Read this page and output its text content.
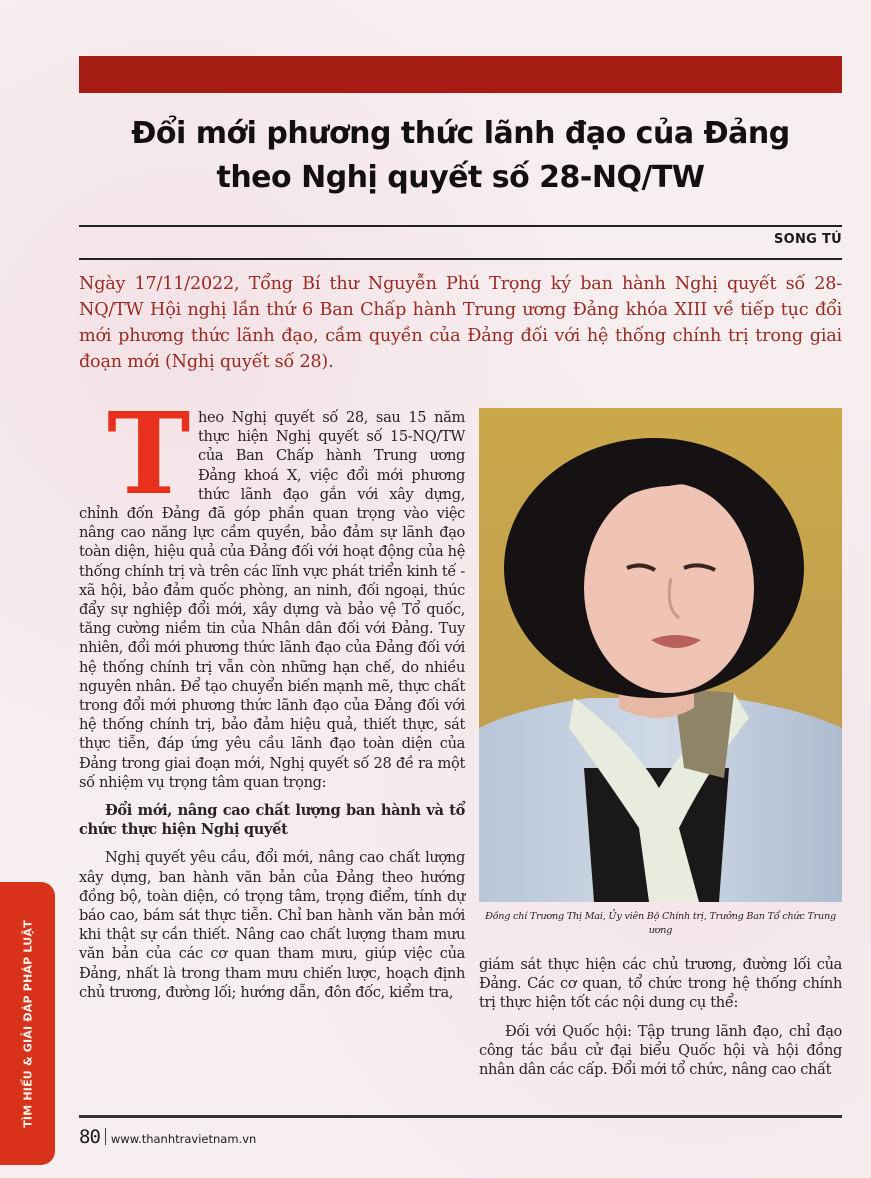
Đổi mới phương thức lãnh đạo của Đảng
theo Nghị quyết số 28-NQ/TW
SONG TÚ
Ngày 17/11/2022, Tổng Bí thư Nguyễn Phú Trọng ký ban hành Nghị quyết số 28-NQ/TW Hội nghị lần thứ 6 Ban Chấp hành Trung ương Đảng khóa XIII về tiếp tục đổi mới phương thức lãnh đạo, cầm quyền của Đảng đối với hệ thống chính trị trong giai đoạn mới (Nghị quyết số 28).

T heo Nghị quyết số 28, sau 15 năm thực hiện Nghị quyết số 15-NQ/TW của Ban Chấp hành Trung ương Đảng khoá X, việc đổi mới phương thức lãnh đạo gắn với xây dựng, chỉnh đốn Đảng đã góp phần quan trọng vào việc nâng cao năng lực cầm quyền, bảo đảm sự lãnh đạo toàn diện, hiệu quả của Đảng đối với hoạt động của hệ thống chính trị và trên các lĩnh vực phát triển kinh tế - xã hội, bảo đảm quốc phòng, an ninh, đối ngoại, thúc đẩy sự nghiệp đổi mới, xây dựng và bảo vệ Tổ quốc, tăng cường niềm tin của Nhân dân đối với Đảng. Tuy nhiên, đổi mới phương thức lãnh đạo của Đảng đối với hệ thống chính trị vẫn còn những hạn chế, do nhiều nguyên nhân. Để tạo chuyển biến mạnh mẽ, thực chất trong đổi mới phương thức lãnh đạo của Đảng đối với hệ thống chính trị, bảo đảm hiệu quả, thiết thực, sát thực tiễn, đáp ứng yêu cầu lãnh đạo toàn diện của Đảng trong giai đoạn mới, Nghị quyết số 28 đề ra một số nhiệm vụ trọng tâm quan trọng:

Đổi mới, nâng cao chất lượng ban hành và tổ chức thực hiện Nghị quyết

Nghị quyết yêu cầu, đổi mới, nâng cao chất lượng xây dựng, ban hành văn bản của Đảng theo hướng đồng bộ, toàn diện, có trọng tâm, trọng điểm, tính dự báo cao, bám sát thực tiễn. Chỉ ban hành văn bản mới khi thật sự cần thiết. Nâng cao chất lượng tham mưu văn bản của các cơ quan tham mưu, giúp việc của Đảng, nhất là trong tham mưu chiến lược, hoạch định chủ trương, đường lối; hướng dẫn, đôn đốc, kiểm tra,

Đồng chí Trương Thị Mai, Ủy viên Bộ Chính trị, Trưởng Ban Tổ chức Trung ương

giám sát thực hiện các chủ trương, đường lối của Đảng. Các cơ quan, tổ chức trong hệ thống chính trị thực hiện tốt các nội dung cụ thể:

Đối với Quốc hội: Tập trung lãnh đạo, chỉ đạo công tác bầu cử đại biểu Quốc hội và hội đồng nhân dân các cấp. Đổi mới tổ chức, nâng cao chất

80 www.thanhtravietnam.vn
TÌM HIỂU & GIẢI ĐÁP PHÁP LUẬT
